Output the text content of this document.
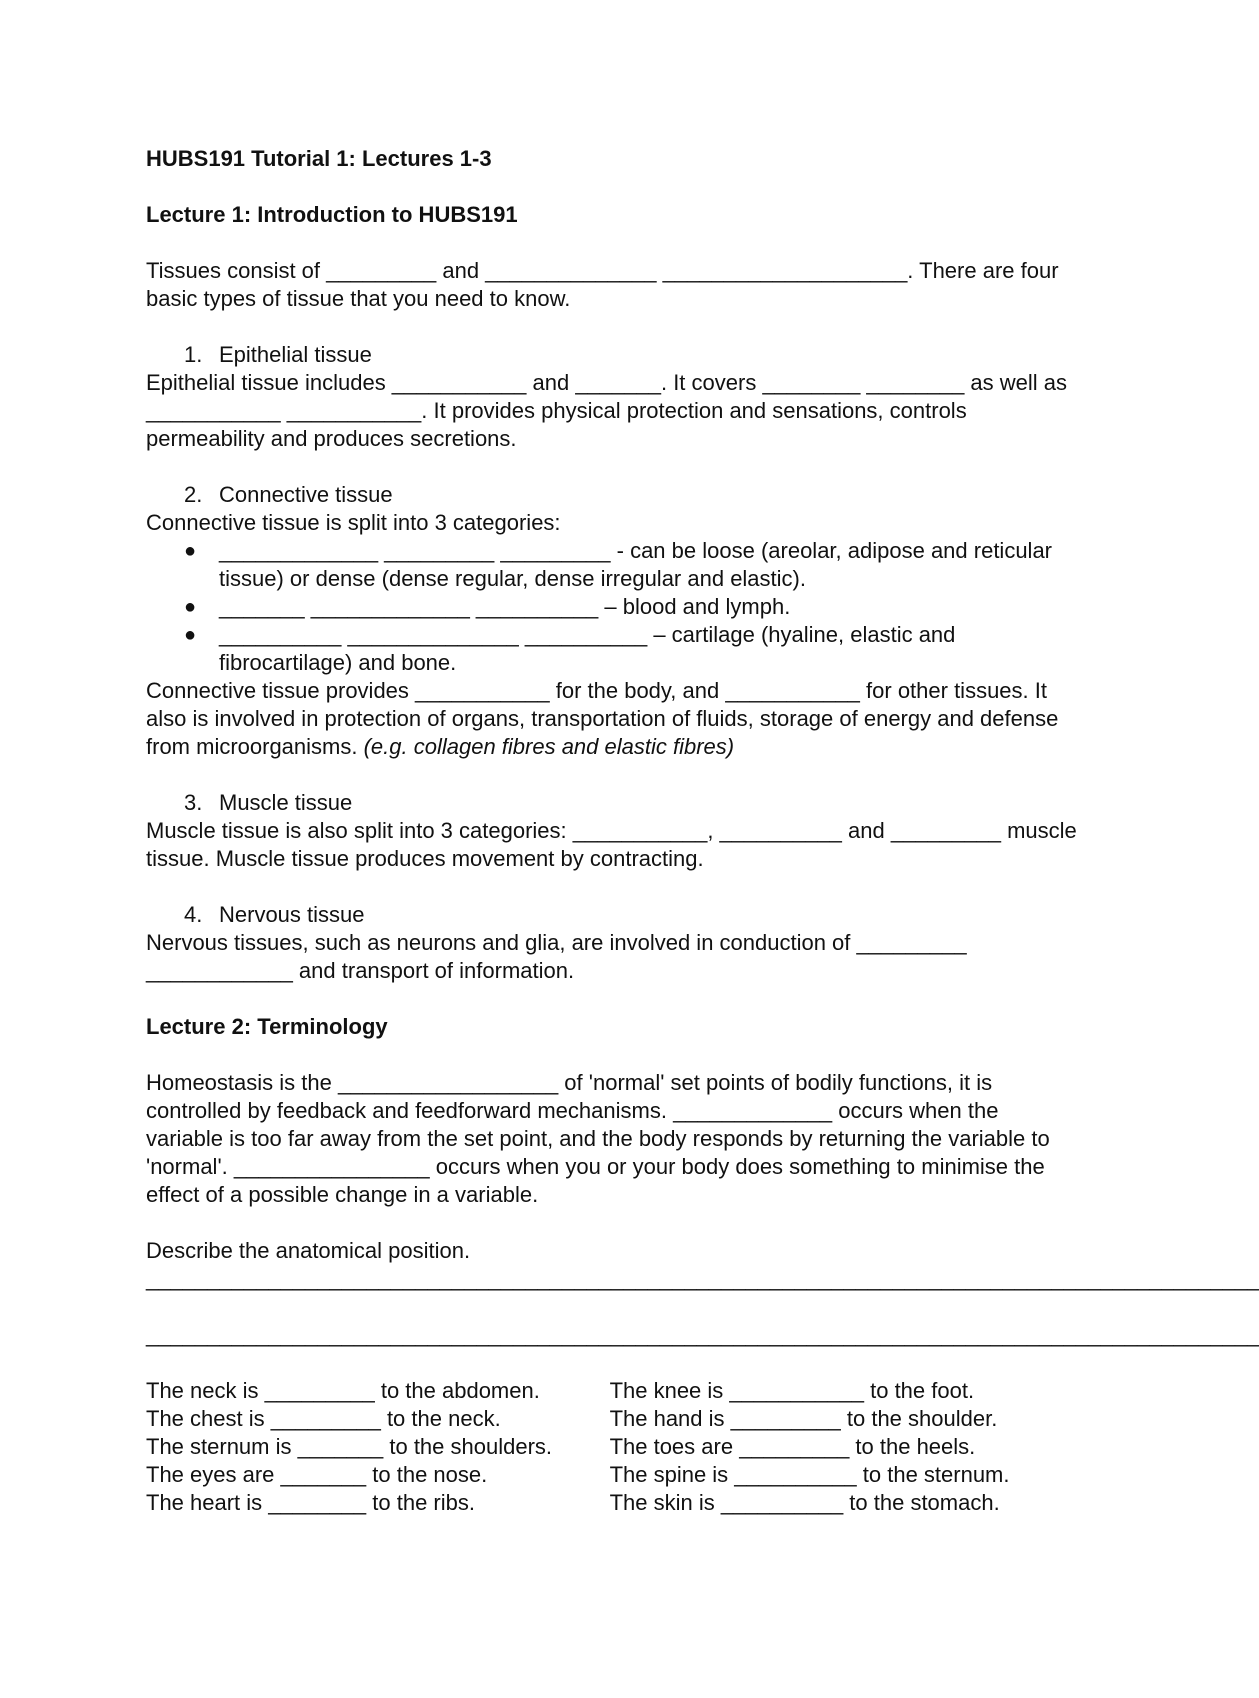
HUBS191 Tutorial 1: Lectures 1-3

Lecture 1: Introduction to HUBS191

Tissues consist of _________ and ______________ ____________________. There are four basic types of tissue that you need to know.

1. Epithelial tissue

Epithelial tissue includes ___________ and _______. It covers ________ ________ as well as ___________ ___________. It provides physical protection and sensations, controls permeability and produces secretions.

2. Connective tissue

Connective tissue is split into 3 categories:

● _____________ _________ _________ - can be loose (areolar, adipose and reticular tissue) or dense (dense regular, dense irregular and elastic).
● _______ _____________ __________ – blood and lymph.
● __________ ______________ __________ – cartilage (hyaline, elastic and fibrocartilage) and bone.

Connective tissue provides ___________ for the body, and ___________ for other tissues. It also is involved in protection of organs, transportation of fluids, storage of energy and defense from microorganisms. (e.g. collagen fibres and elastic fibres)

3. Muscle tissue

Muscle tissue is also split into 3 categories: ___________, __________ and _________ muscle tissue. Muscle tissue produces movement by contracting.

4. Nervous tissue

Nervous tissues, such as neurons and glia, are involved in conduction of _________ ____________ and transport of information.

Lecture 2: Terminology

Homeostasis is the __________________ of 'normal' set points of bodily functions, it is controlled by feedback and feedforward mechanisms. _____________ occurs when the variable is too far away from the set point, and the body responds by returning the variable to 'normal'. ________________ occurs when you or your body does something to minimise the effect of a possible change in a variable.

Describe the anatomical position.

___________________________________________________________________________________________

___________________________________________________________________________________________

The neck is _________ to the abdomen.
The chest is _________ to the neck.
The sternum is _______ to the shoulders.
The eyes are _______ to the nose.
The heart is ________ to the ribs.
The knee is ___________ to the foot.
The hand is _________ to the shoulder.
The toes are _________ to the heels.
The spine is __________ to the sternum.
The skin is __________ to the stomach.
